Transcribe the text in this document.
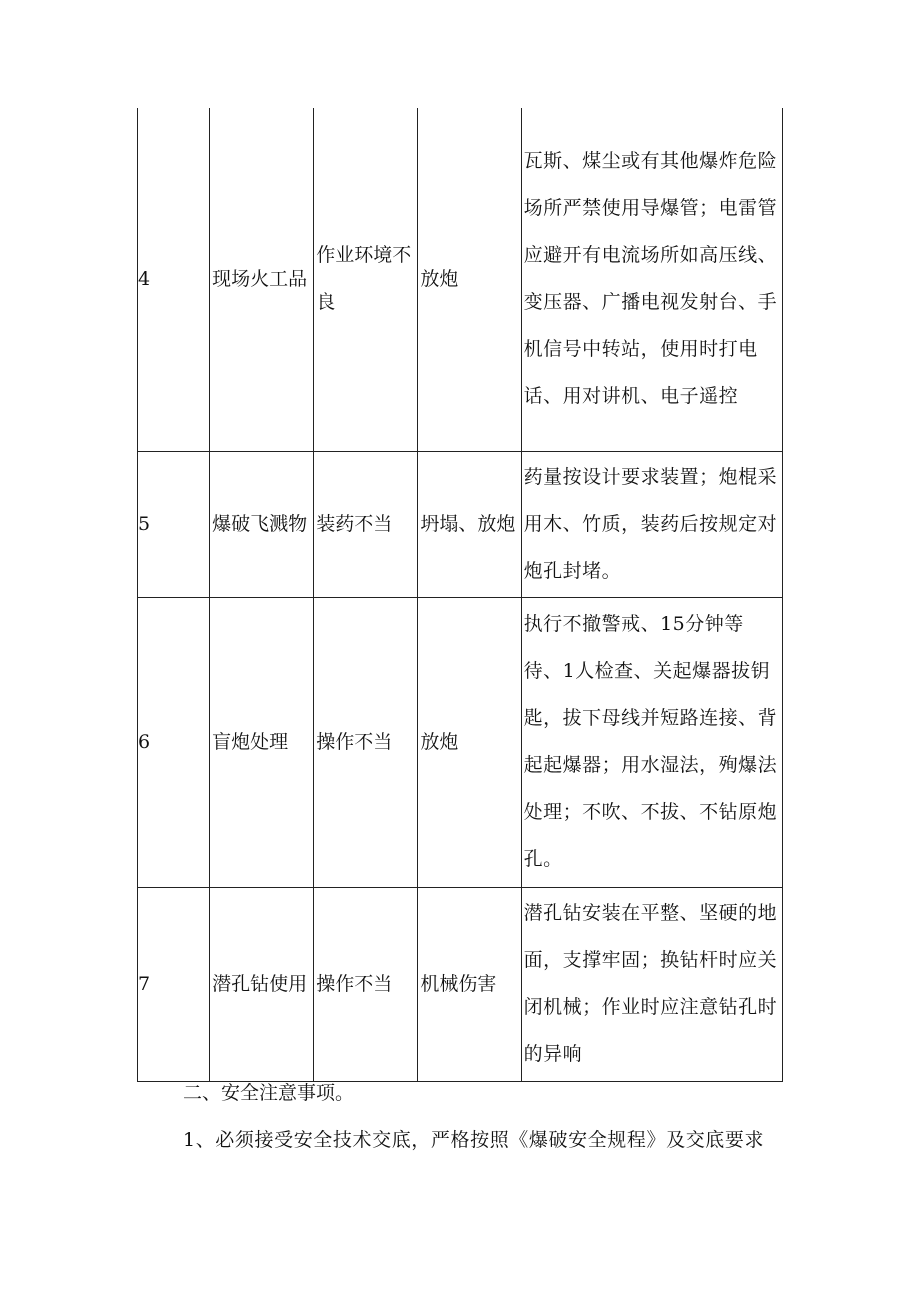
4	现场火工品	作业环境不良	放炮	瓦斯、煤尘或有其他爆炸危险场所严禁使用导爆管；电雷管应避开有电流场所如高压线、变压器、广播电视发射台、手机信号中转站，使用时打电话、用对讲机、电子遥控
5	爆破飞溅物	装药不当	坍塌、放炮	药量按设计要求装置；炮棍采用木、竹质，装药后按规定对炮孔封堵。
6	盲炮处理	操作不当	放炮	执行不撤警戒、15分钟等待、1人检查、关起爆器拔钥匙，拔下母线并短路连接、背起起爆器；用水湿法，殉爆法处理；不吹、不拔、不钻原炮孔。
7	潜孔钻使用	操作不当	机械伤害	潜孔钻安装在平整、坚硬的地面，支撑牢固；换钻杆时应关闭机械；作业时应注意钻孔时的异响
二、安全注意事项。
1、必须接受安全技术交底，严格按照《爆破安全规程》及交底要求
